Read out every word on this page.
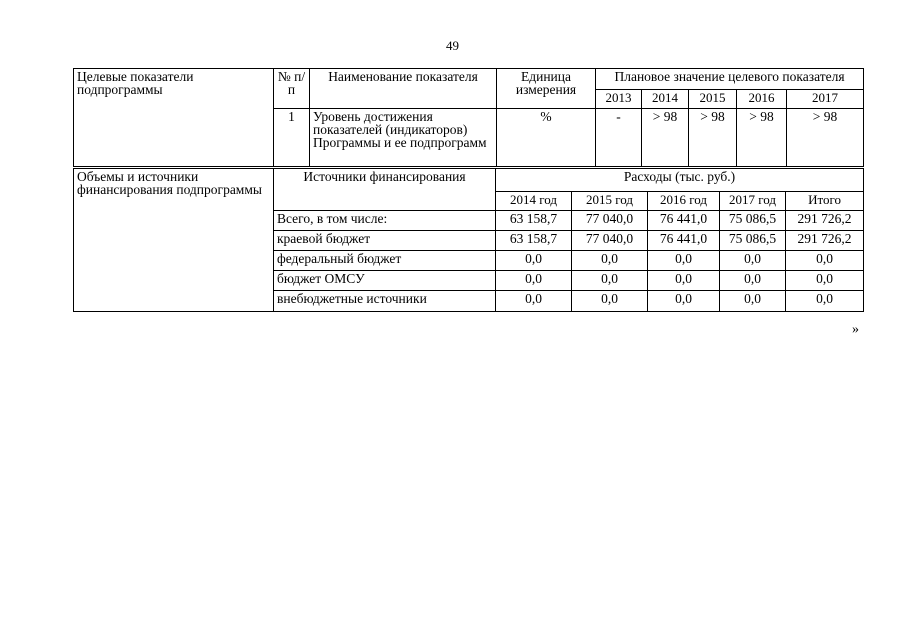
49
Целевые показатели подпрограммы	№ п/п	Наименование показателя	Единица измерения	Плановое значение целевого показателя				
				2013	2014	2015	2016	2017
	1	Уровень достижения показателей (индикаторов) Программы и ее подпрограмм	%	-	> 98	> 98	> 98	> 98
Объемы и источники финансирования подпрограммы	Источники финансирования	Расходы (тыс. руб.)				
		2014 год	2015 год	2016 год	2017 год	Итого
	Всего, в том числе:	63 158,7	77 040,0	76 441,0	75 086,5	291 726,2
	краевой бюджет	63 158,7	77 040,0	76 441,0	75 086,5	291 726,2
	федеральный бюджет	0,0	0,0	0,0	0,0	0,0
	бюджет ОМСУ	0,0	0,0	0,0	0,0	0,0
	внебюджетные источники	0,0	0,0	0,0	0,0	0,0
»
